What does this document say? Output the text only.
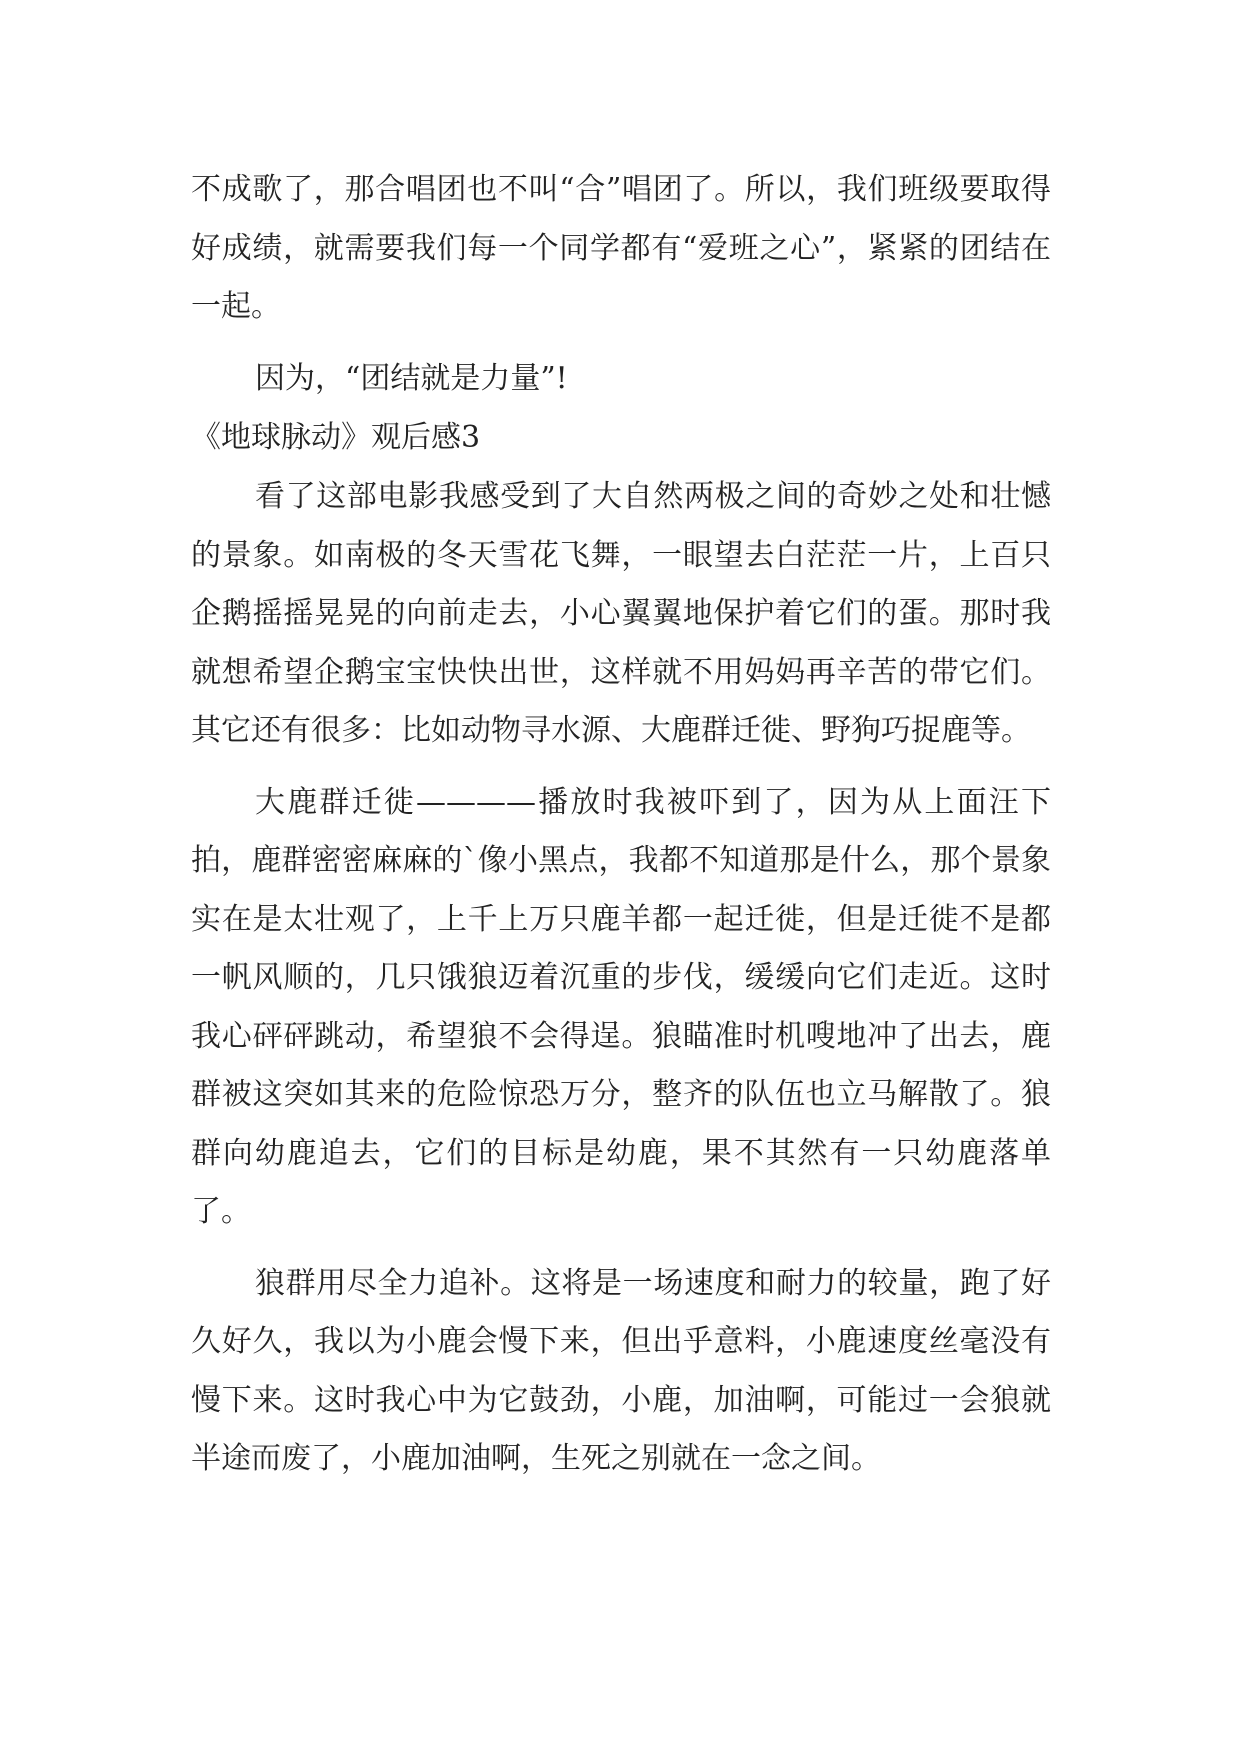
不成歌了，那合唱团也不叫“合”唱团了。所以，我们班级要取得好成绩，就需要我们每一个同学都有“爱班之心”，紧紧的团结在一起。

因为，“团结就是力量”!

《地球脉动》观后感3

看了这部电影我感受到了大自然两极之间的奇妙之处和壮憾的景象。如南极的冬天雪花飞舞，一眼望去白茫茫一片，上百只企鹅摇摇晃晃的向前走去，小心翼翼地保护着它们的蛋。那时我就想希望企鹅宝宝快快出世，这样就不用妈妈再辛苦的带它们。其它还有很多：比如动物寻水源、大鹿群迁徙、野狗巧捉鹿等。

大鹿群迁徙————播放时我被吓到了，因为从上面汪下拍，鹿群密密麻麻的`像小黑点，我都不知道那是什么，那个景象实在是太壮观了，上千上万只鹿羊都一起迁徙，但是迁徙不是都一帆风顺的，几只饿狼迈着沉重的步伐，缓缓向它们走近。这时我心砰砰跳动，希望狼不会得逞。狼瞄准时机嗖地冲了出去，鹿群被这突如其来的危险惊恐万分，整齐的队伍也立马解散了。狼群向幼鹿追去，它们的目标是幼鹿，果不其然有一只幼鹿落单了。

狼群用尽全力追补。这将是一场速度和耐力的较量，跑了好久好久，我以为小鹿会慢下来，但出乎意料，小鹿速度丝毫没有慢下来。这时我心中为它鼓劲，小鹿，加油啊，可能过一会狼就半途而废了，小鹿加油啊，生死之别就在一念之间。
